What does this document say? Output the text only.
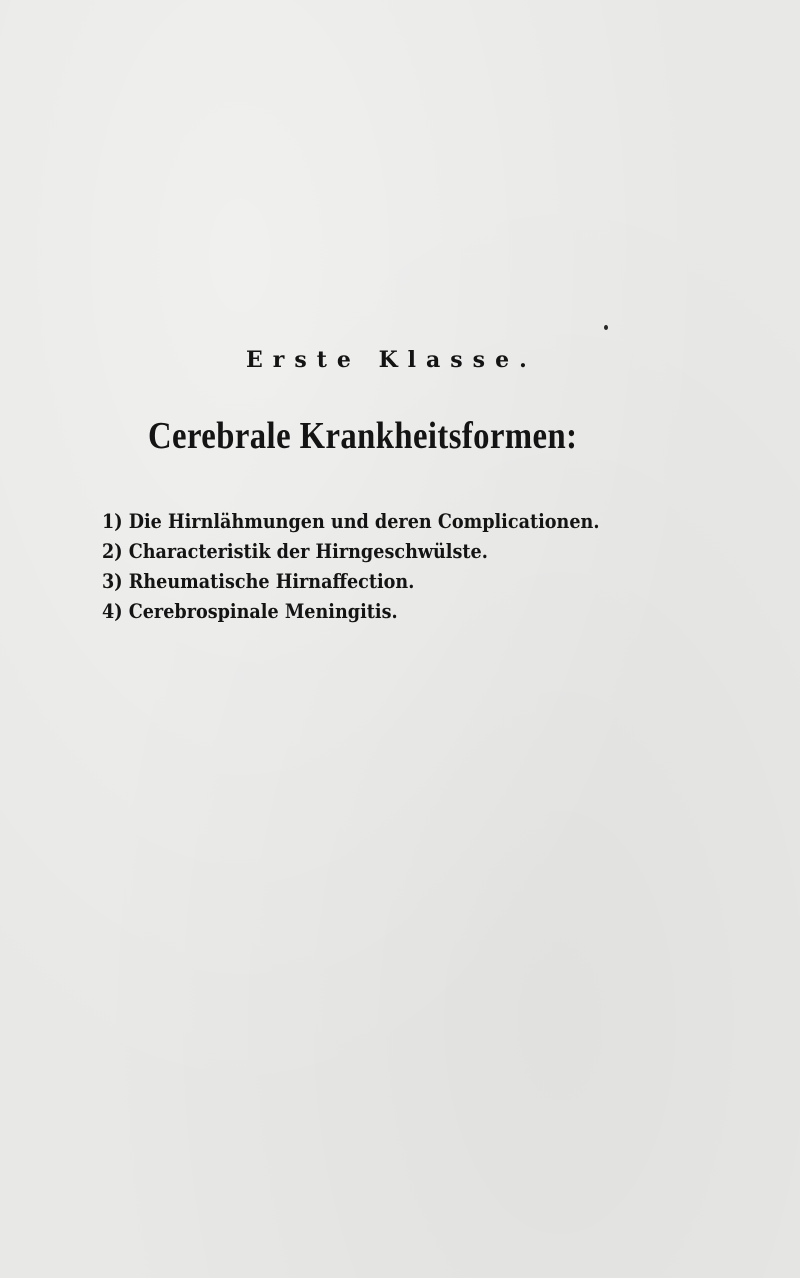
Erste Klasse.
Cerebrale Krankheitsformen:
1) Die Hirnlähmungen und deren Complicationen.
2) Characteristik der Hirngeschwülste.
3) Rheumatische Hirnaffection.
4) Cerebrospinale Meningitis.
